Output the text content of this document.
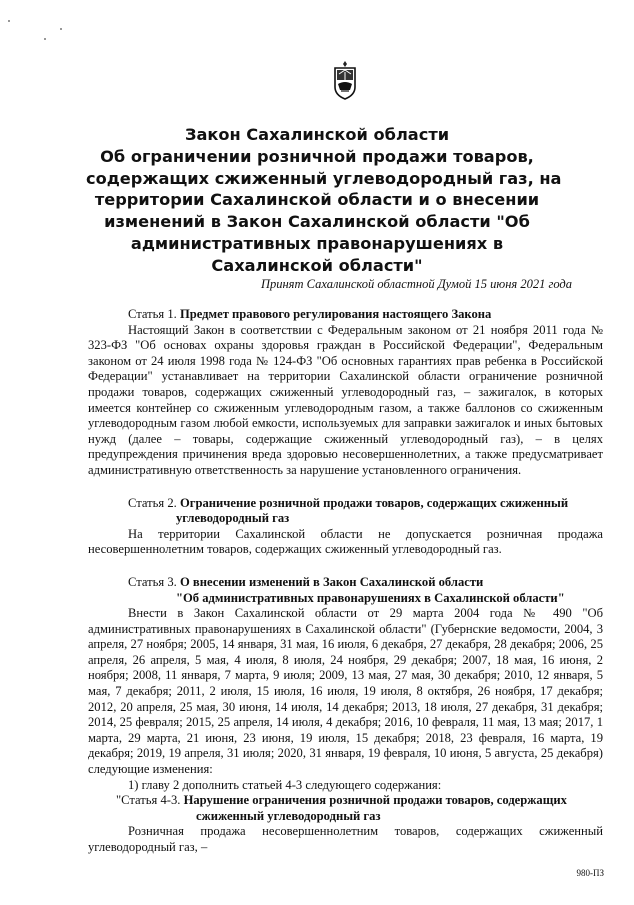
Закон Сахалинской области
Об ограничении розничной продажи товаров,
содержащих сжиженный углеводородный газ, на
территории Сахалинской области и о внесении
изменений в Закон Сахалинской области "Об
административных правонарушениях в
Сахалинской области"
Принят Сахалинской областной Думой 15 июня 2021 года

Статья 1. Предмет правового регулирования настоящего Закона

Настоящий Закон в соответствии с Федеральным законом от 21 ноября 2011 года № 323-ФЗ "Об основах охраны здоровья граждан в Российской Федерации", Федеральным законом от 24 июля 1998 года № 124-ФЗ "Об основных гарантиях прав ребенка в Российской Федерации" устанавливает на территории Сахалинской области ограничение розничной продажи товаров, содержащих сжиженный углеводородный газ, – зажигалок, в которых имеется контейнер со сжиженным углеводородным газом, а также баллонов со сжиженным углеводородным газом любой емкости, используемых для заправки зажигалок и иных бытовых нужд (далее – товары, содержащие сжиженный углеводородный газ), – в целях предупреждения причинения вреда здоровью несовершеннолетних, а также предусматривает административную ответственность за нарушение установленного ограничения.

Статья 2. Ограничение розничной продажи товаров, содержащих сжиженный

углеводородный газ

На территории Сахалинской области не допускается розничная продажа несовершеннолетним товаров, содержащих сжиженный углеводородный газ.

Статья 3. О внесении изменений в Закон Сахалинской области

"Об административных правонарушениях в Сахалинской области"

Внести в Закон Сахалинской области от 29 марта 2004 года № 490 "Об административных правонарушениях в Сахалинской области" (Губернские ведомости, 2004, 3 апреля, 27 ноября; 2005, 14 января, 31 мая, 16 июля, 6 декабря, 27 декабря, 28 декабря; 2006, 25 апреля, 26 апреля, 5 мая, 4 июля, 8 июля, 24 ноября, 29 декабря; 2007, 18 мая, 16 июня, 2 ноября; 2008, 11 января, 7 марта, 9 июля; 2009, 13 мая, 27 мая, 30 декабря; 2010, 12 января, 5 мая, 7 декабря; 2011, 2 июля, 15 июля, 16 июля, 19 июля, 8 октября, 26 ноября, 17 декабря; 2012, 20 апреля, 25 мая, 30 июня, 14 июля, 14 декабря; 2013, 18 июля, 27 декабря, 31 декабря; 2014, 25 февраля; 2015, 25 апреля, 14 июля, 4 декабря; 2016, 10 февраля, 11 мая, 13 мая; 2017, 1 марта, 29 марта, 21 июня, 23 июня, 19 июля, 15 декабря; 2018, 23 февраля, 16 марта, 19 декабря; 2019, 19 апреля, 31 июля; 2020, 31 января, 19 февраля, 10 июня, 5 августа, 25 декабря) следующие изменения:

1) главу 2 дополнить статьей 4-3 следующего содержания:

"Статья 4-3. Нарушение ограничения розничной продажи товаров, содержащих

сжиженный углеводородный газ

Розничная продажа несовершеннолетним товаров, содержащих сжиженный углеводородный газ, –

980-ПЗ
